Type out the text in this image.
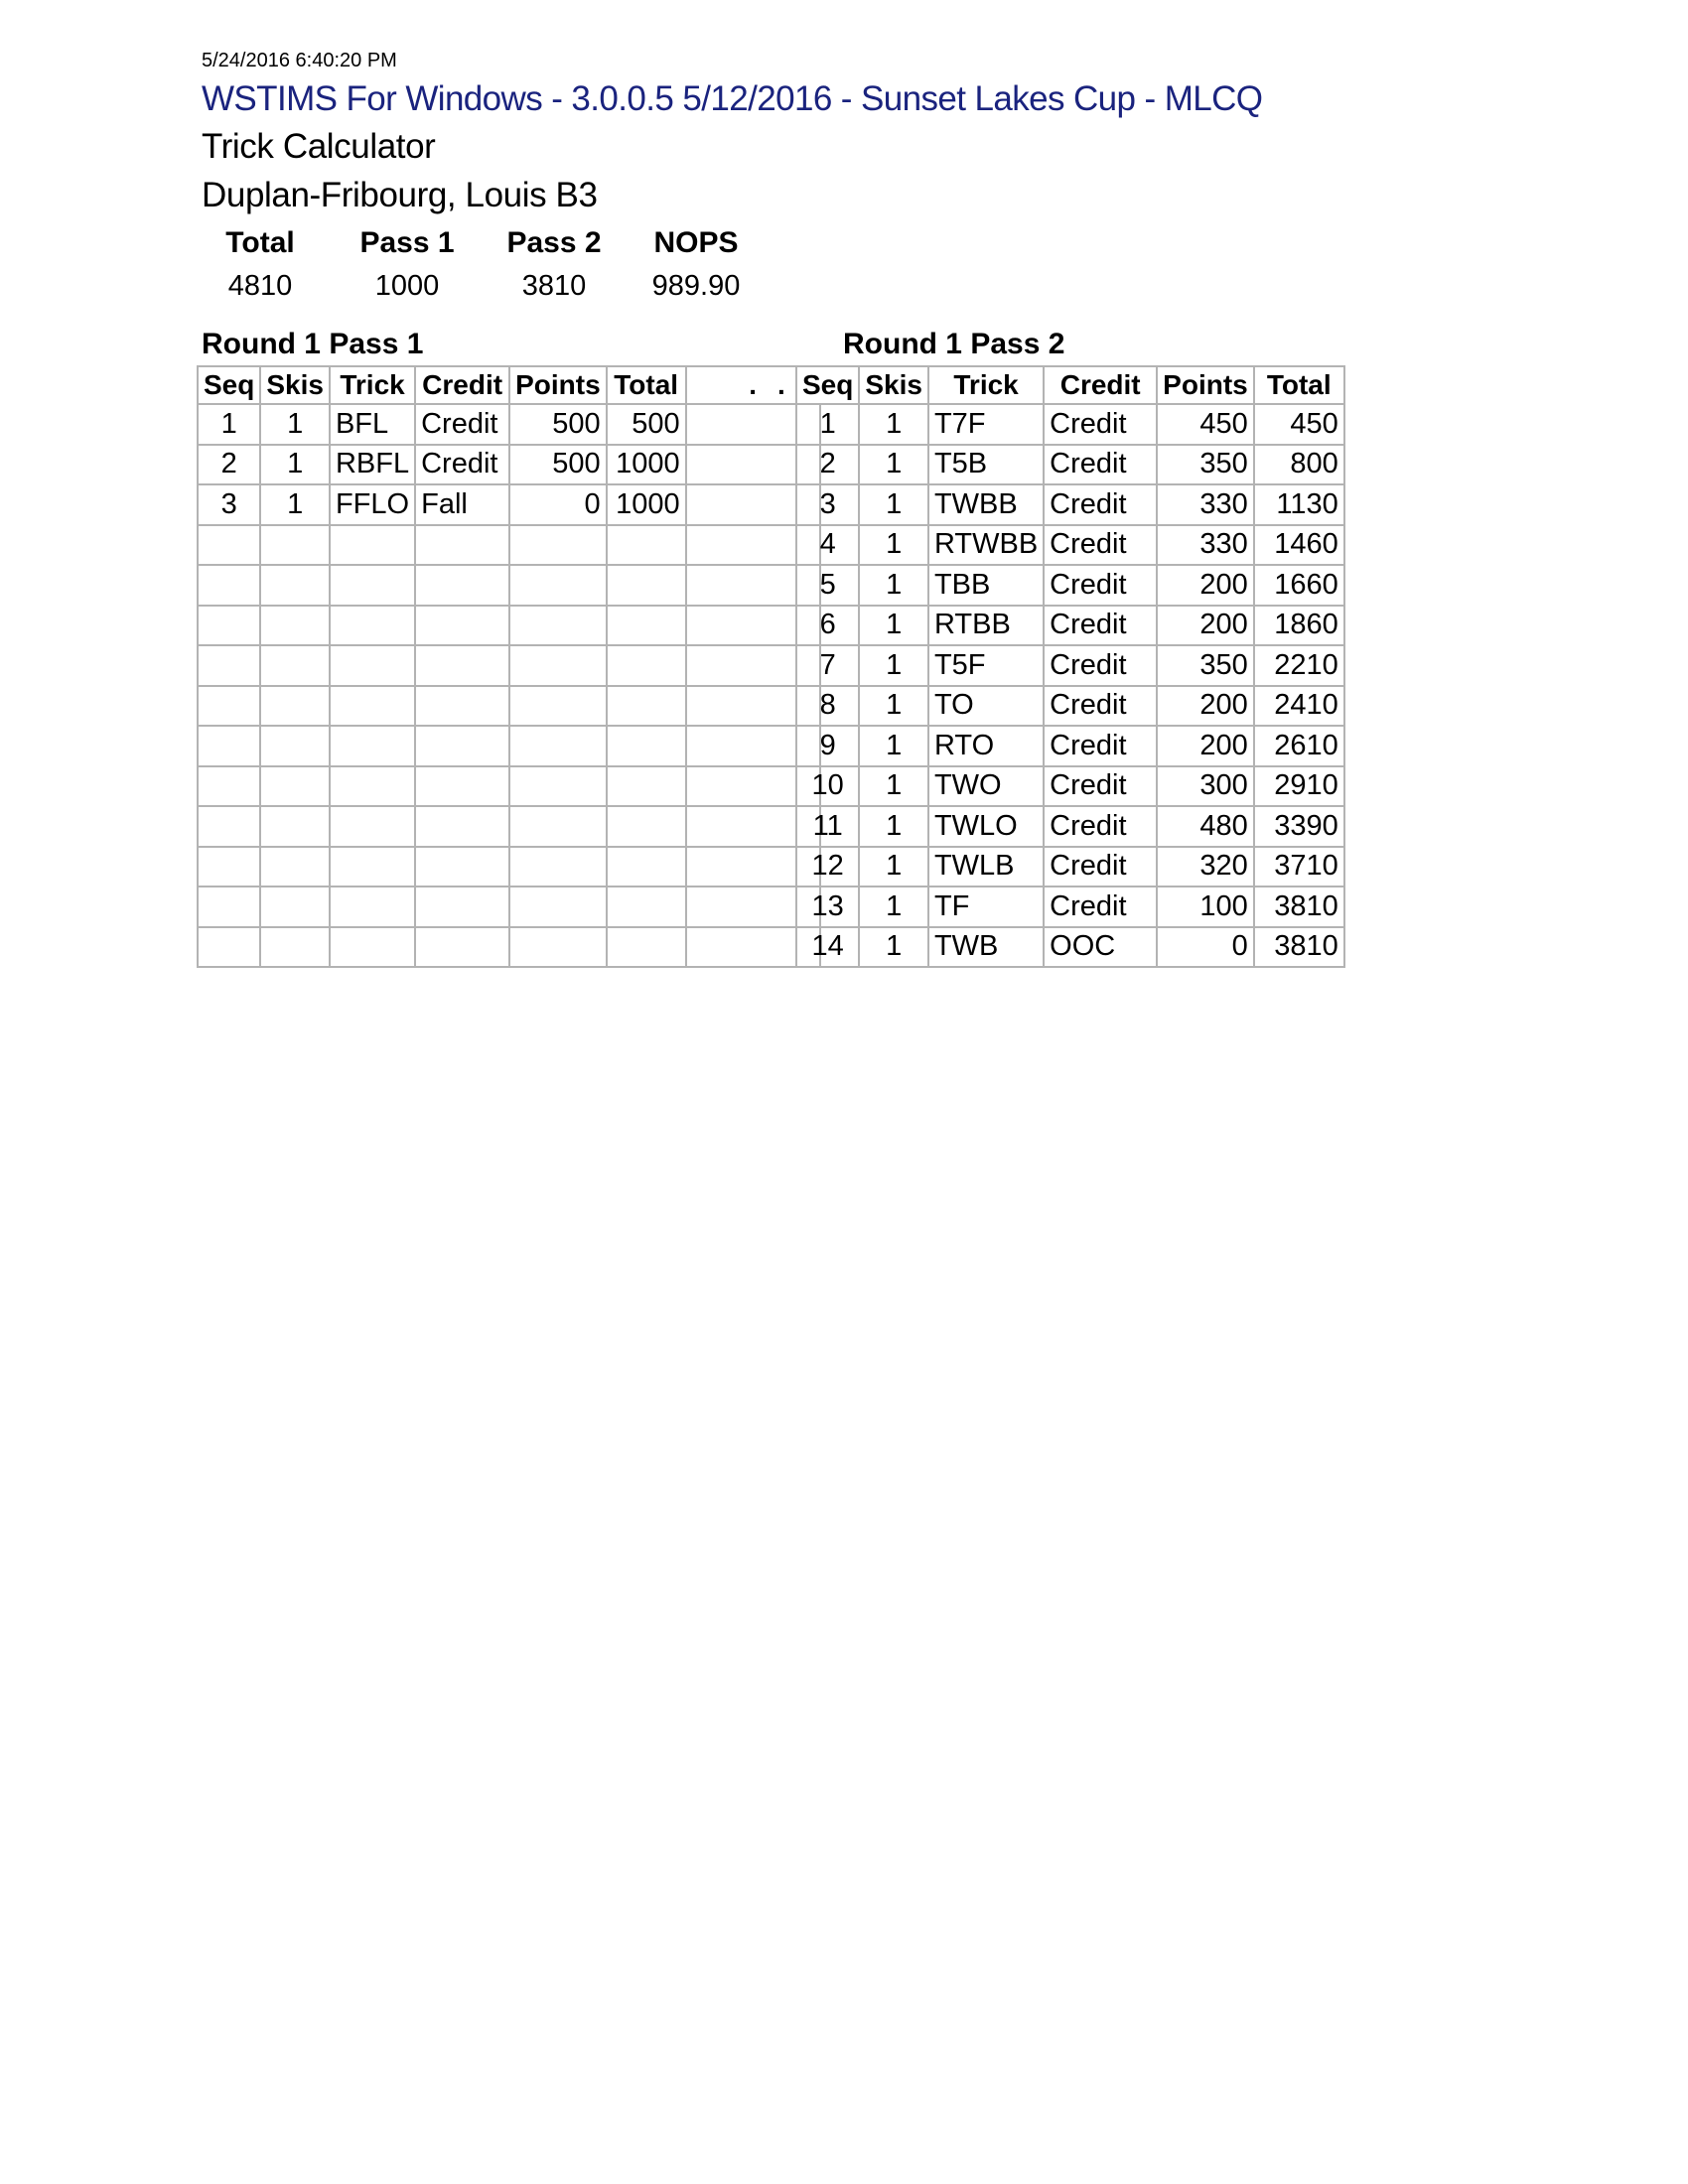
5/24/2016 6:40:20 PM
WSTIMS For Windows - 3.0.0.5 5/12/2016 - Sunset Lakes Cup - MLCQ
Trick Calculator
Duplan-Fribourg, Louis B3
Total	Pass 1	Pass 2	NOPS
4810	1000	3810	989.90
Round 1 Pass 1	Round 1 Pass 2
Seq	Skis	Trick	Credit	Points	Total	.
1	1	BFL	Credit	500	500	
2	1	RBFL	Credit	500	1000	
3	1	FFLO	Fall	0	1000	

Seq	Skis	Trick	Credit	Points	Total
1	1	T7F	Credit	450	450
2	1	T5B	Credit	350	800
3	1	TWBB	Credit	330	1130
4	1	RTWBB	Credit	330	1460
5	1	TBB	Credit	200	1660
6	1	RTBB	Credit	200	1860
7	1	T5F	Credit	350	2210
8	1	TO	Credit	200	2410
9	1	RTO	Credit	200	2610
10	1	TWO	Credit	300	2910
11	1	TWLO	Credit	480	3390
12	1	TWLB	Credit	320	3710
13	1	TF	Credit	100	3810
14	1	TWB	OOC	0	3810
.
